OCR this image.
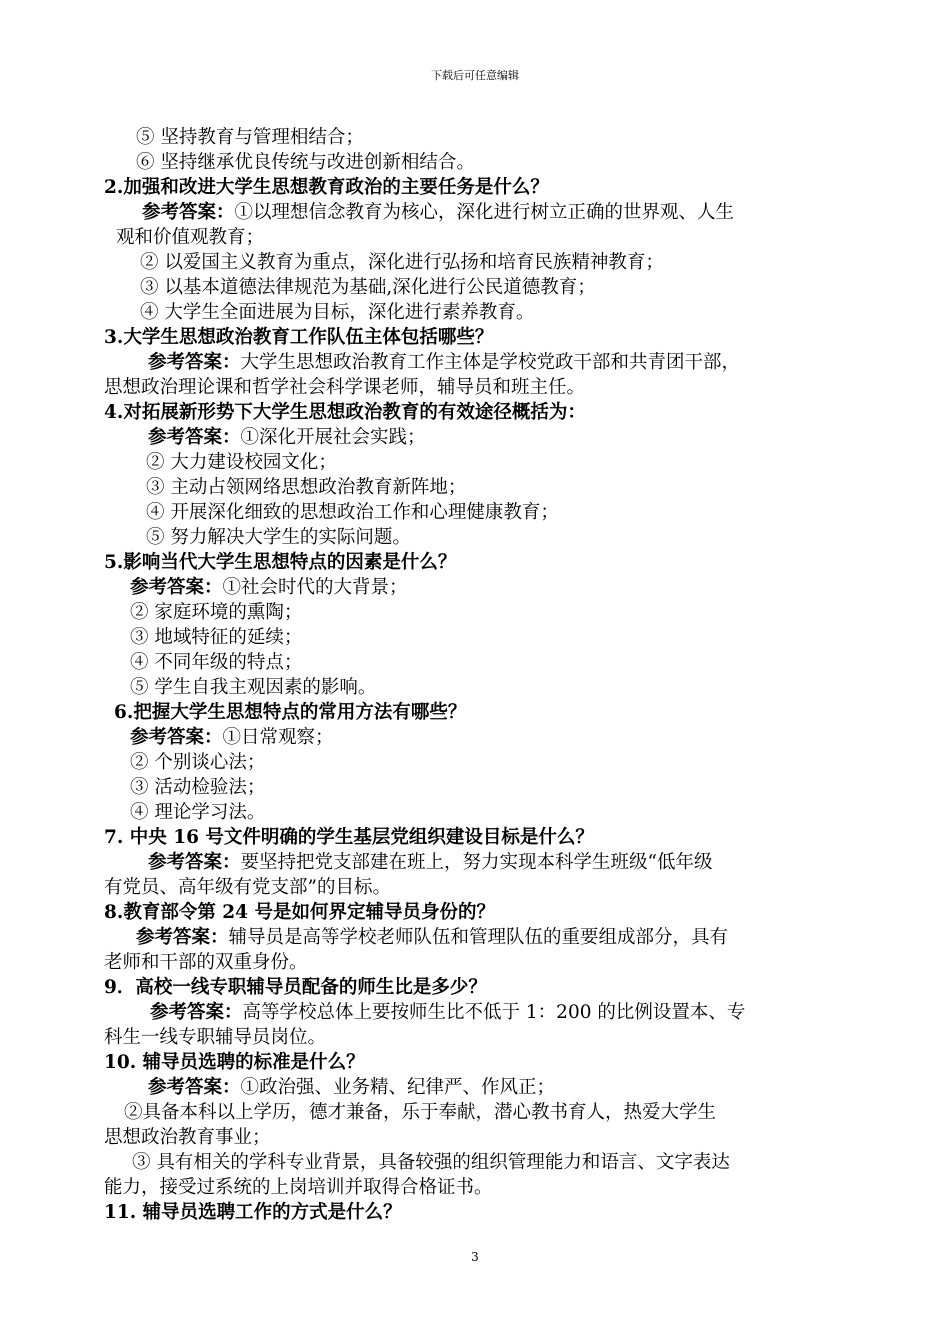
下载后可任意编辑
⑤ 坚持教育与管理相结合；
⑥ 坚持继承优良传统与改进创新相结合。
2.加强和改进大学生思想教育政治的主要任务是什么？
参考答案：①以理想信念教育为核心，深化进行树立正确的世界观、人生
观和价值观教育；
② 以爱国主义教育为重点，深化进行弘扬和培育民族精神教育；
③ 以基本道德法律规范为基础,深化进行公民道德教育；
④ 大学生全面进展为目标，深化进行素养教育。
3.大学生思想政治教育工作队伍主体包括哪些？
参考答案：大学生思想政治教育工作主体是学校党政干部和共青团干部，
思想政治理论课和哲学社会科学课老师，辅导员和班主任。
4.对拓展新形势下大学生思想政治教育的有效途径概括为：
参考答案：①深化开展社会实践；
② 大力建设校园文化；
③ 主动占领网络思想政治教育新阵地；
④ 开展深化细致的思想政治工作和心理健康教育；
⑤ 努力解决大学生的实际问题。
5.影响当代大学生思想特点的因素是什么？
参考答案：①社会时代的大背景；
② 家庭环境的熏陶；
③ 地域特征的延续；
④ 不同年级的特点；
⑤ 学生自我主观因素的影响。
6.把握大学生思想特点的常用方法有哪些？
参考答案：①日常观察；
② 个别谈心法；
③ 活动检验法；
④ 理论学习法。
7. 中央 16 号文件明确的学生基层党组织建设目标是什么？
参考答案：要坚持把党支部建在班上，努力实现本科学生班级“低年级
有党员、高年级有党支部”的目标。
8.教育部令第 24 号是如何界定辅导员身份的？
参考答案：辅导员是高等学校老师队伍和管理队伍的重要组成部分，具有
老师和干部的双重身份。
9．高校一线专职辅导员配备的师生比是多少？
参考答案：高等学校总体上要按师生比不低于 1：200 的比例设置本、专
科生一线专职辅导员岗位。
10. 辅导员选聘的标准是什么？
参考答案：①政治强、业务精、纪律严、作风正；
②具备本科以上学历，德才兼备，乐于奉献，潜心教书育人，热爱大学生
思想政治教育事业；
③ 具有相关的学科专业背景，具备较强的组织管理能力和语言、文字表达
能力，接受过系统的上岗培训并取得合格证书。
11. 辅导员选聘工作的方式是什么？
3
